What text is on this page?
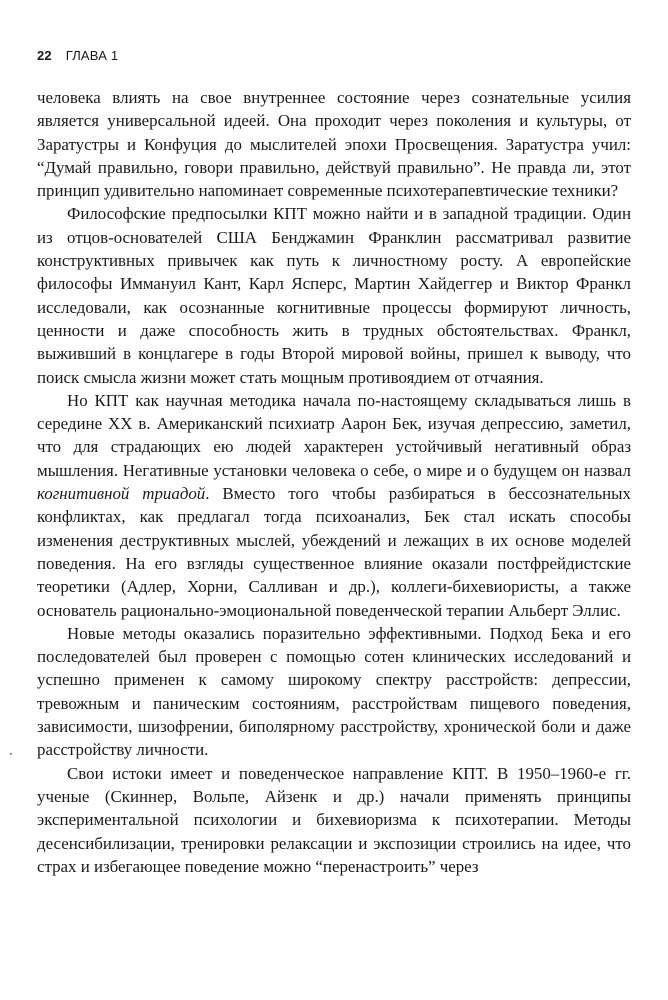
22 ГЛАВА 1

человека влиять на свое внутреннее состояние через сознательные усилия является универсальной идеей. Она проходит через поколения и культуры, от Заратустры и Конфуция до мыслителей эпохи Просвещения. Заратустра учил: “Думай правильно, говори правильно, действуй правильно”. Не правда ли, этот принцип удивительно напоминает современные психотерапевтические техники?

Философские предпосылки КПТ можно найти и в западной традиции. Один из отцов-основателей США Бенджамин Франклин рассматривал развитие конструктивных привычек как путь к личностному росту. А европейские философы Иммануил Кант, Карл Ясперс, Мартин Хайдеггер и Виктор Франкл исследовали, как осознанные когнитивные процессы формируют личность, ценности и даже способность жить в трудных обстоятельствах. Франкл, выживший в концлагере в годы Второй мировой войны, пришел к выводу, что поиск смысла жизни может стать мощным противоядием от отчаяния.

Но КПТ как научная методика начала по-настоящему складываться лишь в середине XX в. Американский психиатр Аарон Бек, изучая депрессию, заметил, что для страдающих ею людей характерен устойчивый негативный образ мышления. Негативные установки человека о себе, о мире и о будущем он назвал когнитивной триадой. Вместо того чтобы разбираться в бессознательных конфликтах, как предлагал тогда психоанализ, Бек стал искать способы изменения деструктивных мыслей, убеждений и лежащих в их основе моделей поведения. На его взгляды существенное влияние оказали постфрейдистские теоретики (Адлер, Хорни, Салливан и др.), коллеги-бихевиористы, а также основатель рационально-эмоциональной поведенческой терапии Альберт Эллис.

Новые методы оказались поразительно эффективными. Подход Бека и его последователей был проверен с помощью сотен клинических исследований и успешно применен к самому широкому спектру расстройств: депрессии, тревожным и паническим состояниям, расстройствам пищевого поведения, зависимости, шизофрении, биполярному расстройству, хронической боли и даже расстройству личности.

Свои истоки имеет и поведенческое направление КПТ. В 1950–1960-е гг. ученые (Скиннер, Вольпе, Айзенк и др.) начали применять принципы экспериментальной психологии и бихевиоризма к психотерапии. Методы десенсибилизации, тренировки релаксации и экспозиции строились на идее, что страх и избегающее поведение можно “перенастроить” через
